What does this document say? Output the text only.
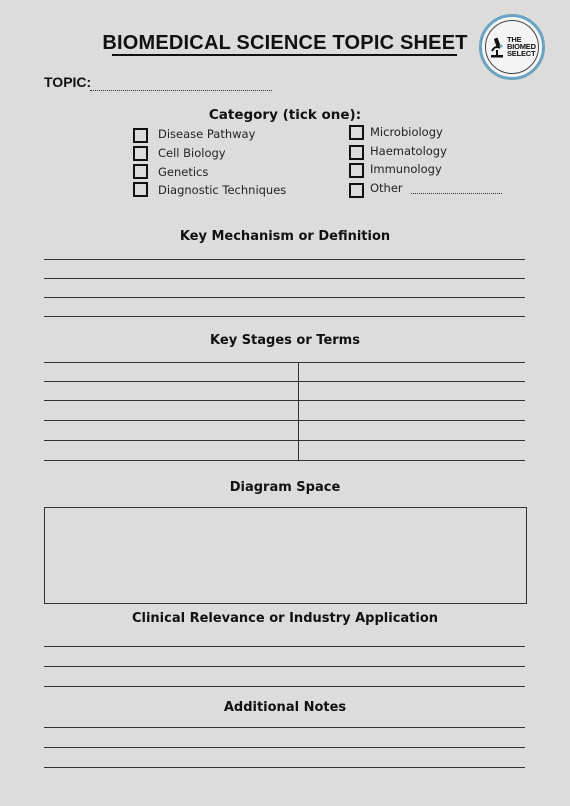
BIOMEDICAL SCIENCE TOPIC SHEET	THE
BIOMED
SELECT
TOPIC:
Category (tick one):
Disease Pathway
Cell Biology
Genetics
Diagnostic Techniques
Microbiology
Haematology
Immunology
Other
Key Mechanism or Definition
Key Stages or Terms
Diagram Space
Clinical Relevance or Industry Application
Additional Notes
